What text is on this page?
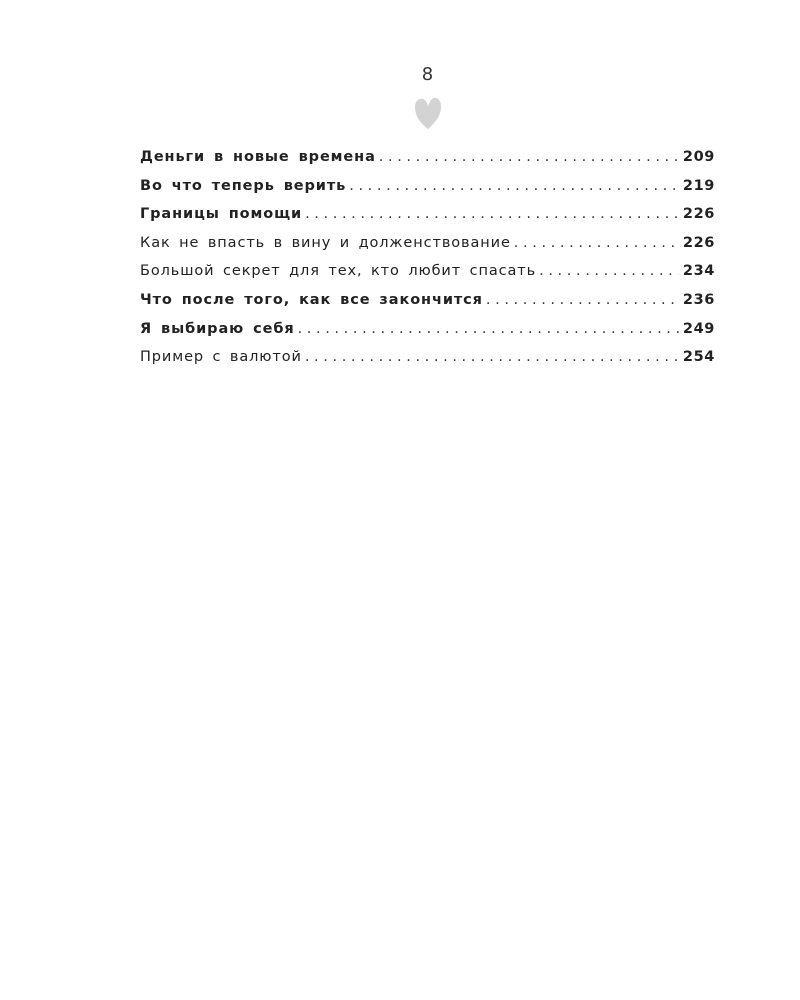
8
Деньги в новые времена . . .	209
Во что теперь верить . . .	219
Границы помощи . . .	226
Как не впасть в вину и долженствование . . .	226
Большой секрет для тех, кто любит спасать . . .	234
Что после того, как все закончится . . .	236
Я выбираю себя . . .	249
Пример с валютой . . .	254
